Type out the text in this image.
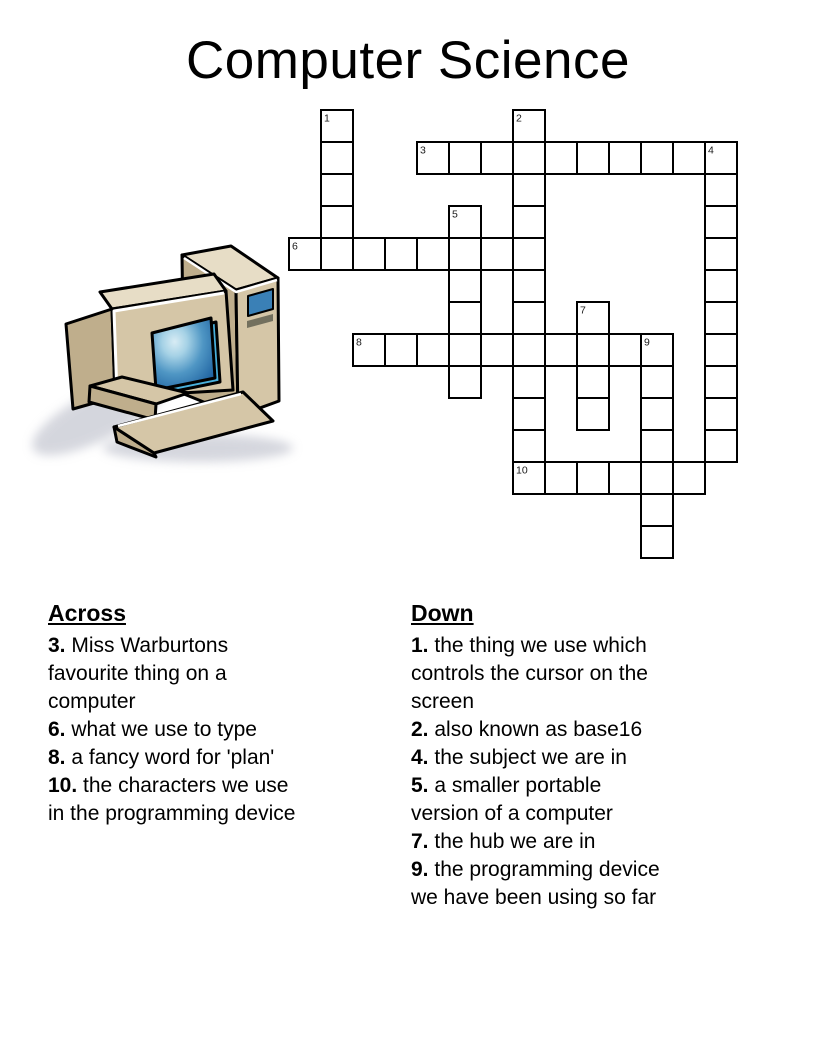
Computer Science
1	2
3	4
5
6
7
8	9
10
Across

3. Miss Warburtons
favourite thing on a
computer

6. what we use to type

8. a fancy word for 'plan'

10. the characters we use
in the programming device

Down

1. the thing we use which
controls the cursor on the
screen

2. also known as base16

4. the subject we are in

5. a smaller portable
version of a computer

7. the hub we are in

9. the programming device
we have been using so far
